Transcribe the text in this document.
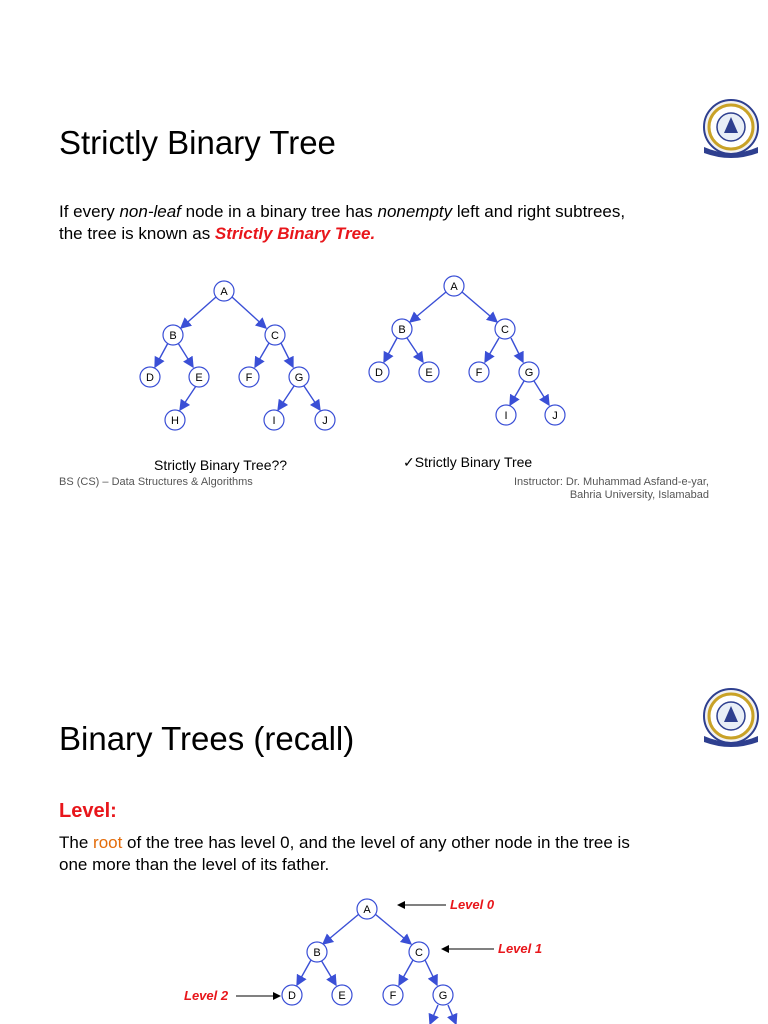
Strictly Binary Tree

If every non-leaf node in a binary tree has nonempty left and right subtrees,
the tree is known as Strictly Binary Tree.

A
B	C
D	E	F	G
H	I	J
A
B	C
D	E	F	G
I	J

Strictly Binary Tree??	✓Strictly Binary Tree

BS (CS) – Data Structures & Algorithms	Instructor: Dr. Muhammad Asfand-e-yar,
Bahria University, Islamabad
Binary Trees (recall)

Level:

The root of the tree has level 0, and the level of any other node in the tree is
one more than the level of its father.

A
B	C
D	E	F	G
Level 0
Level 1
Level 2
